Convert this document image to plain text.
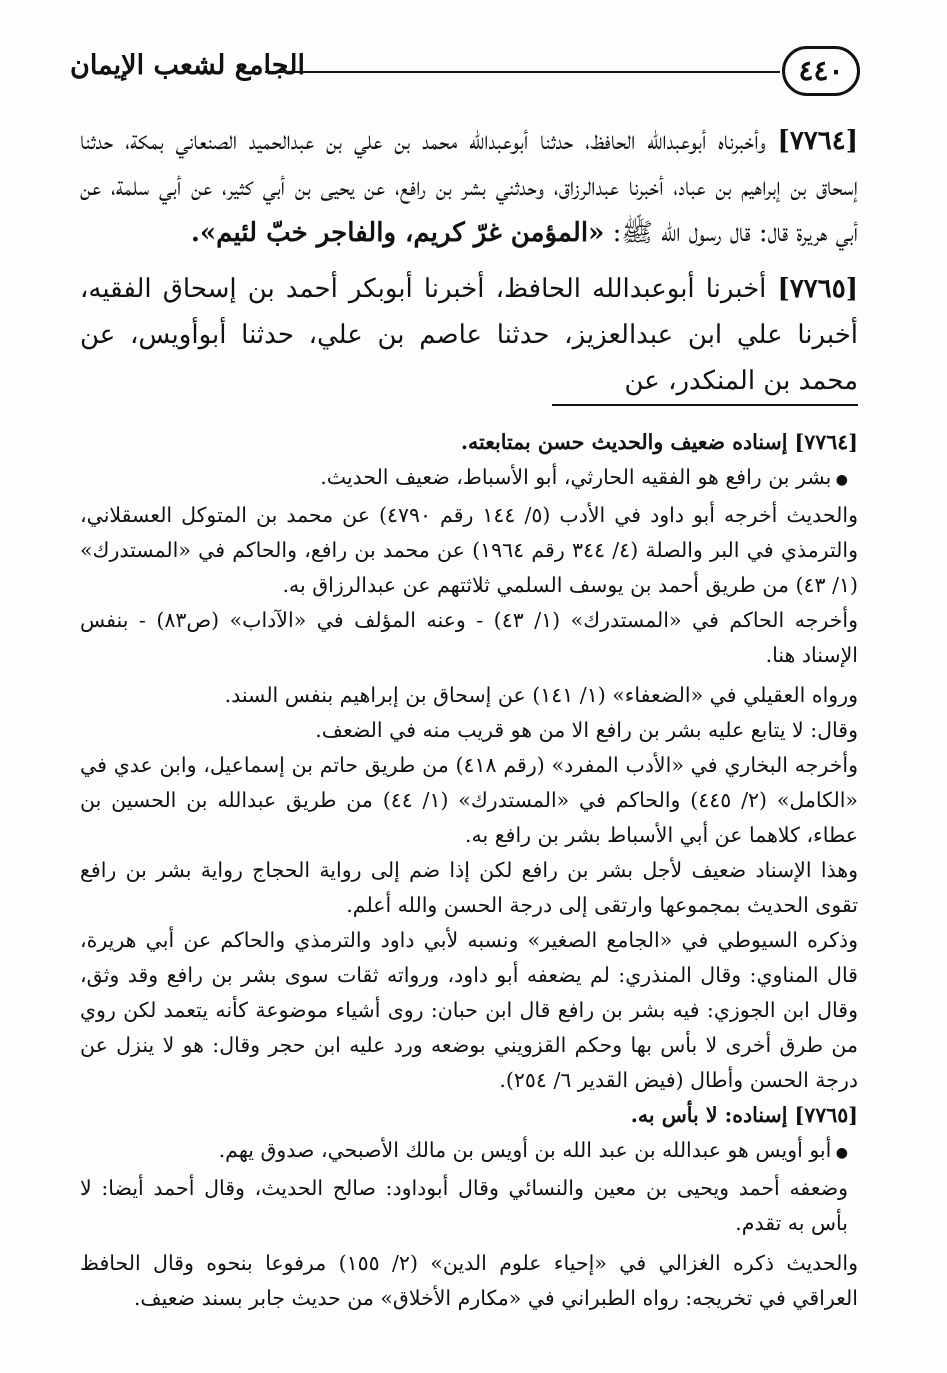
٤٤٠
الجامع لشعب الإيمان

[٧٧٦٤] وأخبرناه أبوعبدالله الحافظ، حدثنا أبوعبدالله محمد بن علي بن عبدالحميد الصنعاني بمكة، حدثنا إسحاق بن إبراهيم بن عباد، أخبرنا عبدالرزاق، وحدثني بشر بن رافع، عن يحيى بن أبي كثير، عن أبي سلمة، عن أبي هريرة قال: قال رسول الله ﷺ: «المؤمن غرّ كريم، والفاجر خبّ لئيم».

[٧٧٦٥] أخبرنا أبوعبدالله الحافظ، أخبرنا أبوبكر أحمد بن إسحاق الفقيه، أخبرنا علي ابن عبدالعزيز، حدثنا عاصم بن علي، حدثنا أبوأويس، عن محمد بن المنكدر، عن

[٧٧٦٤] إسناده ضعيف والحديث حسن بمتابعته.

● بشر بن رافع هو الفقيه الحارثي، أبو الأسباط، ضعيف الحديث.

والحديث أخرجه أبو داود في الأدب (٥/ ١٤٤ رقم ٤٧٩٠) عن محمد بن المتوكل العسقلاني، والترمذي في البر والصلة (٤/ ٣٤٤ رقم ١٩٦٤) عن محمد بن رافع، والحاكم في «المستدرك» (١/ ٤٣) من طريق أحمد بن يوسف السلمي ثلاثتهم عن عبدالرزاق به.

وأخرجه الحاكم في «المستدرك» (١/ ٤٣) - وعنه المؤلف في «الآداب» (ص٨٣) - بنفس الإسناد هنا.

ورواه العقيلي في «الضعفاء» (١/ ١٤١) عن إسحاق بن إبراهيم بنفس السند.

وقال: لا يتابع عليه بشر بن رافع الا من هو قريب منه في الضعف.

وأخرجه البخاري في «الأدب المفرد» (رقم ٤١٨) من طريق حاتم بن إسماعيل، وابن عدي في «الكامل» (٢/ ٤٤٥) والحاكم في «المستدرك» (١/ ٤٤) من طريق عبدالله بن الحسين بن عطاء، كلاهما عن أبي الأسباط بشر بن رافع به.

وهذا الإسناد ضعيف لأجل بشر بن رافع لكن إذا ضم إلى رواية الحجاج رواية بشر بن رافع تقوى الحديث بمجموعها وارتقى إلى درجة الحسن والله أعلم.

وذكره السيوطي في «الجامع الصغير» ونسبه لأبي داود والترمذي والحاكم عن أبي هريرة، قال المناوي: وقال المنذري: لم يضعفه أبو داود، ورواته ثقات سوى بشر بن رافع وقد وثق، وقال ابن الجوزي: فيه بشر بن رافع قال ابن حبان: روى أشياء موضوعة كأنه يتعمد لكن روي من طرق أخرى لا بأس بها وحكم القزويني بوضعه ورد عليه ابن حجر وقال: هو لا ينزل عن درجة الحسن وأطال (فيض القدير ٦/ ٢٥٤).

[٧٧٦٥] إسناده: لا بأس به.

● أبو أويس هو عبدالله بن عبد الله بن أويس بن مالك الأصبحي، صدوق يهم.

وضعفه أحمد ويحيى بن معين والنسائي وقال أبوداود: صالح الحديث، وقال أحمد أيضا: لا بأس به تقدم.

والحديث ذكره الغزالي في «إحياء علوم الدين» (٢/ ١٥٥) مرفوعا بنحوه وقال الحافظ العراقي في تخريجه: رواه الطبراني في «مكارم الأخلاق» من حديث جابر بسند ضعيف.
